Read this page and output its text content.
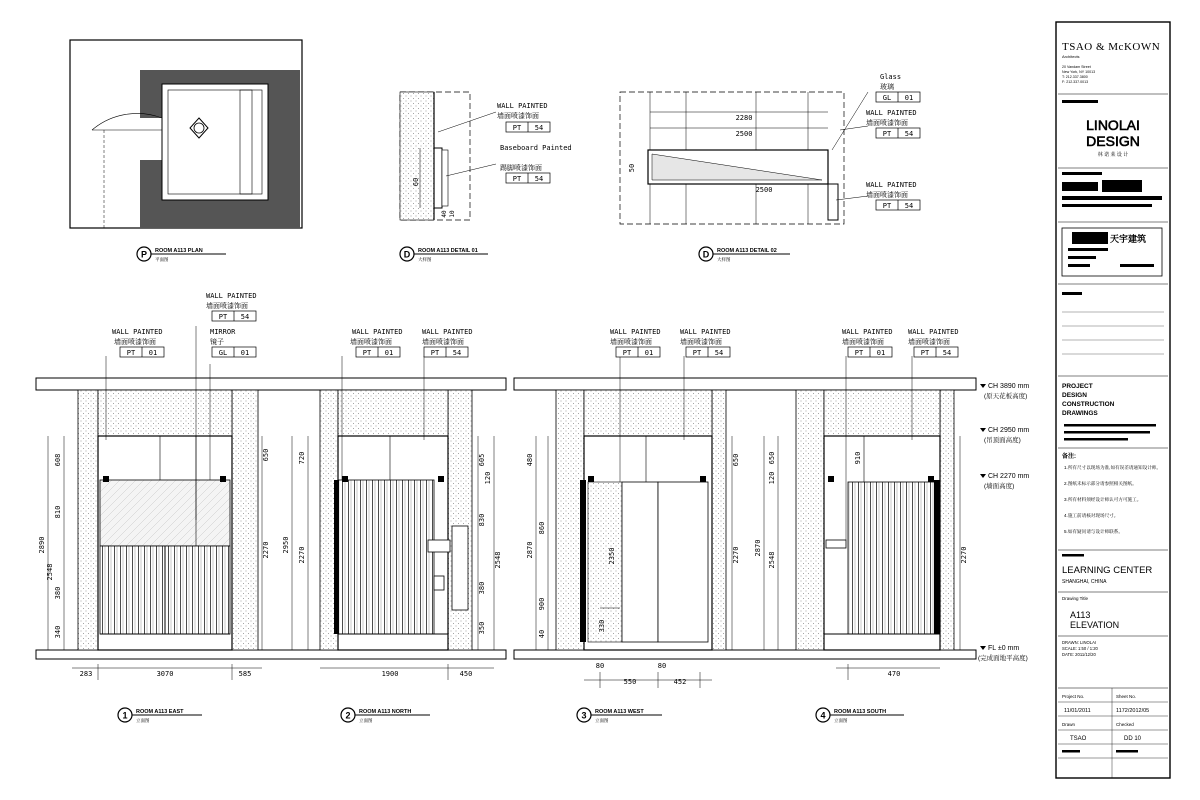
P ROOM A113 PLAN
平面图
60
40 10
WALL PAINTED
墙面喷漆饰面
PT 54
Baseboard Painted
踢脚喷漆饰面
PT 54
D ROOM A113 DETAIL 01
大样图
2280
2500
50
2500
Glass
玻璃
GL 01
WALL PAINTED
墙面喷漆饰面
PT 54
WALL PAINTED
墙面喷漆饰面
PT 54
D ROOM A113 DETAIL 02
大样图
2890
608
810
2548
380
340
650
2270
283	3070	585
WALL PAINTED
墙面喷漆饰面
PT 01
WALL PAINTED
墙面喷漆饰面
PT 54
MIRROR
镜子
GL 01
1 ROOM A113 EAST
立面图
720
2950
2270
605
120
2548
830
380
350
1900	450
WALL PAINTED
墙面喷漆饰面
PT 01
WALL PAINTED
墙面喷漆饰面
PT 54
2 ROOM A113 NORTH
立面图
2350
330
480
2870
860
900
40
650
2270
80
550	452
80
WALL PAINTED
墙面喷漆饰面
PT 01
WALL PAINTED
墙面喷漆饰面
PT 54
3 ROOM A113 WEST
立面图
910
650
120
2548
2870	2270
470
WALL PAINTED
墙面喷漆饰面
PT 01
WALL PAINTED
墙面喷漆饰面
PT 54
4 ROOM A113 SOUTH
立面图
CH 3890 mm
(原天花板高度)
CH 2950 mm
(吊顶面高度)
CH 2270 mm
(墙面高度)
FL ±0 mm
(完成面地平高度)
TSAO & McKOWN
Architects
20 Vandam Street
New York, NY 10013
T: 212.337.3800
F: 212.337.0013
LINOLAI
DESIGN
林 诺 莱 设 计
天宇建筑
PROJECT
DESIGN
CONSTRUCTION
DRAWINGS
备注:
1.所有尺寸以现场为准,如有误差请通知设计师。
2.图纸未标示部分请参照相关图纸。
3.所有材料须经设计师认可方可施工。
4.施工前请核对现场尺寸。
5.如有疑问请与设计师联系。
LEARNING CENTER
SHANGHAI, CHINA
Drawing Title
A113
ELEVATION
DRAWN: LINOLAI
SCALE: 1:50 / 1:20
DATE: 2011/12/20
Project No.	Sheet No.
11/01/2011	1172/2012/05
Drawn	Checked
TSAO	DD 10
